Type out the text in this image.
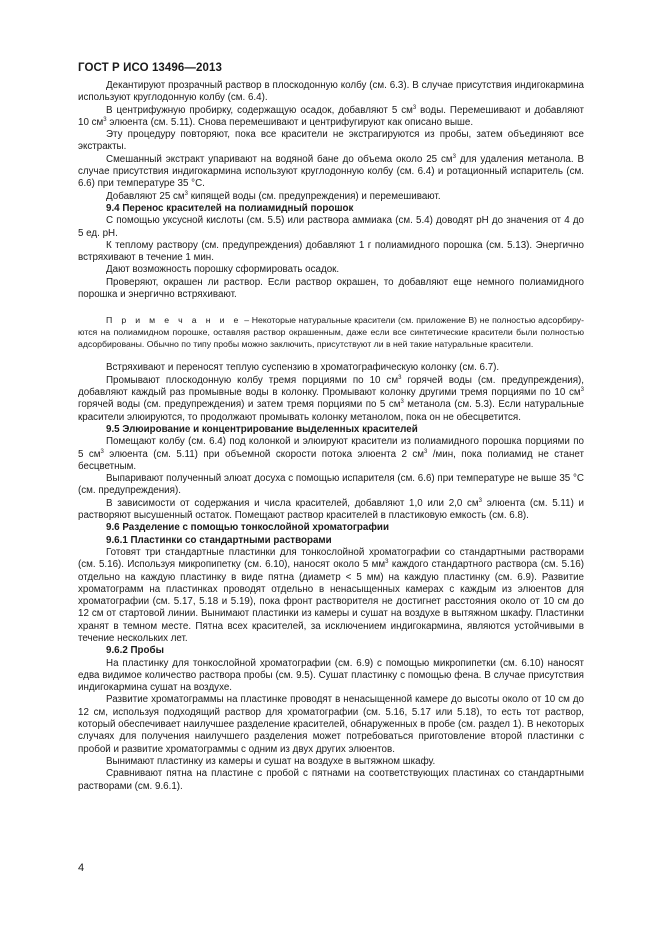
ГОСТ Р ИСО 13496—2013

Декантируют прозрачный раствор в плоскодонную колбу (см. 6.3). В случае присутствия индигокармина используют круглодонную колбу (см. 6.4).

В центрифужную пробирку, содержащую осадок, добавляют 5 $см^3$ воды. Перемешивают и добавляют 10 $см^3$ элюента (см. 5.11). Снова перемешивают и центрифугируют как описано выше.

Эту процедуру повторяют, пока все красители не экстрагируются из пробы, затем объединяют все экстракты.

Смешанный экстракт упаривают на водяной бане до объема около 25 $см^3$ для удаления метанола. В случае присутствия индигокармина используют круглодонную колбу (см. 6.4) и ротационный испаритель (см. 6.6) при температуре 35 °С.

Добавляют 25 $см^3$ кипящей воды (см. предупреждения) и перемешивают.

9.4 Перенос красителей на полиамидный порошок

С помощью уксусной кислоты (см. 5.5) или раствора аммиака (см. 5.4) доводят pH до значения от 4 до 5 ед. pH.

К теплому раствору (см. предупреждения) добавляют 1 г полиамидного порошка (см. 5.13). Энергично встряхивают в течение 1 мин.

Дают возможность порошку сформировать осадок.

Проверяют, окрашен ли раствор. Если раствор окрашен, то добавляют еще немного полиамидного порошка и энергично встряхивают.

П р и м е ч а н и е – Некоторые натуральные красители (см. приложение В) не полностью адсорбируются на полиамидном порошке, оставляя раствор окрашенным, даже если все синтетические красители были полностью адсорбированы. Обычно по типу пробы можно заключить, присутствуют ли в ней такие натуральные красители.

Встряхивают и переносят теплую суспензию в хроматографическую колонку (см. 6.7).

Промывают плоскодонную колбу тремя порциями по 10 $см^3$ горячей воды (см. предупреждения), добавляют каждый раз промывные воды в колонку. Промывают колонку другими тремя порциями по 10 $см^3$ горячей воды (см. предупреждения) и затем тремя порциями по 5 $см^3$ метанола (см. 5.3). Если натуральные красители элюируются, то продолжают промывать колонку метанолом, пока он не обесцветится.

9.5 Элюирование и концентрирование выделенных красителей

Помещают колбу (см. 6.4) под колонкой и элюируют красители из полиамидного порошка порциями по 5 $см^3$ элюента (см. 5.11) при объемной скорости потока элюента 2 $см^3$ /мин, пока полиамид не станет бесцветным.

Выпаривают полученный элюат досуха с помощью испарителя (см. 6.6) при температуре не выше 35 °С (см. предупреждения).

В зависимости от содержания и числа красителей, добавляют 1,0 или 2,0 $см^3$ элюента (см. 5.11) и растворяют высушенный остаток. Помещают раствор красителей в пластиковую емкость (см. 6.8).

9.6 Разделение с помощью тонкослойной хроматографии

9.6.1 Пластинки со стандартными растворами

Готовят три стандартные пластинки для тонкослойной хроматографии со стандартными растворами (см. 5.16). Используя микропипетку (см. 6.10), наносят около 5 $мм^3$ каждого стандартного раствора (см. 5.16) отдельно на каждую пластинку в виде пятна (диаметр < 5 мм) на каждую пластинку (см. 6.9). Развитие хроматограмм на пластинках проводят отдельно в ненасыщенных камерах с каждым из элюентов для хроматографии (см. 5.17, 5.18 и 5.19), пока фронт растворителя не достигнет расстояния около от 10 см до 12 см от стартовой линии. Вынимают пластинки из камеры и сушат на воздухе в вытяжном шкафу. Пластинки хранят в темном месте. Пятна всех красителей, за исключением индигокармина, являются устойчивыми в течение нескольких лет.

9.6.2 Пробы

На пластинку для тонкослойной хроматографии (см. 6.9) с помощью микропипетки (см. 6.10) наносят едва видимое количество раствора пробы (см. 9.5). Сушат пластинку с помощью фена. В случае присутствия индигокармина сушат на воздухе.

Развитие хроматограммы на пластинке проводят в ненасыщенной камере до высоты около от 10 см до 12 см, используя подходящий раствор для хроматографии (см. 5.16, 5.17 или 5.18), то есть тот раствор, который обеспечивает наилучшее разделение красителей, обнаруженных в пробе (см. раздел 1). В некоторых случаях для получения наилучшего разделения может потребоваться приготовление второй пластинки с пробой и развитие хроматограммы с одним из двух других элюентов.

Вынимают пластинку из камеры и сушат на воздухе в вытяжном шкафу.

Сравнивают пятна на пластине с пробой с пятнами на соответствующих пластинах со стандартными растворами (см. 9.6.1).

4
